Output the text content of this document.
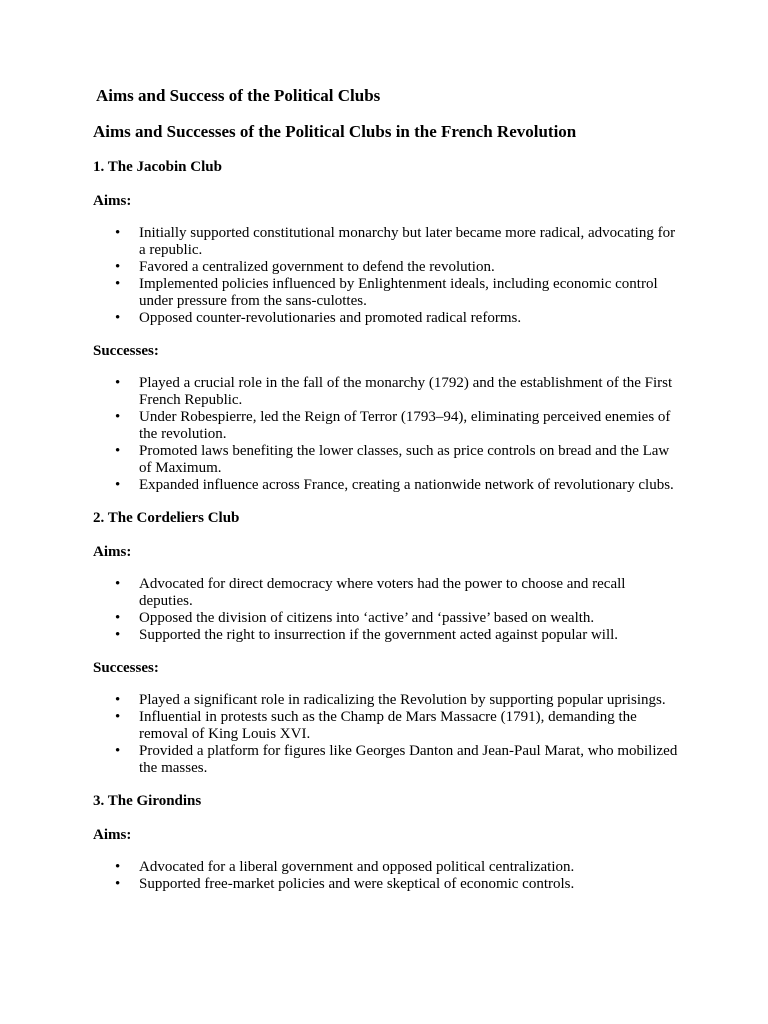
Aims and Success of the Political Clubs
Aims and Successes of the Political Clubs in the French Revolution
1. The Jacobin Club
Aims:
• Initially supported constitutional monarchy but later became more radical, advocating for a republic.
• Favored a centralized government to defend the revolution.
• Implemented policies influenced by Enlightenment ideals, including economic control under pressure from the sans-culottes.
• Opposed counter-revolutionaries and promoted radical reforms.
Successes:
• Played a crucial role in the fall of the monarchy (1792) and the establishment of the First French Republic.
• Under Robespierre, led the Reign of Terror (1793–94), eliminating perceived enemies of the revolution.
• Promoted laws benefiting the lower classes, such as price controls on bread and the Law of Maximum.
• Expanded influence across France, creating a nationwide network of revolutionary clubs.
2. The Cordeliers Club
Aims:
• Advocated for direct democracy where voters had the power to choose and recall deputies.
• Opposed the division of citizens into ‘active’ and ‘passive’ based on wealth.
• Supported the right to insurrection if the government acted against popular will.
Successes:
• Played a significant role in radicalizing the Revolution by supporting popular uprisings.
• Influential in protests such as the Champ de Mars Massacre (1791), demanding the removal of King Louis XVI.
• Provided a platform for figures like Georges Danton and Jean-Paul Marat, who mobilized the masses.
3. The Girondins
Aims:
• Advocated for a liberal government and opposed political centralization.
• Supported free-market policies and were skeptical of economic controls.
